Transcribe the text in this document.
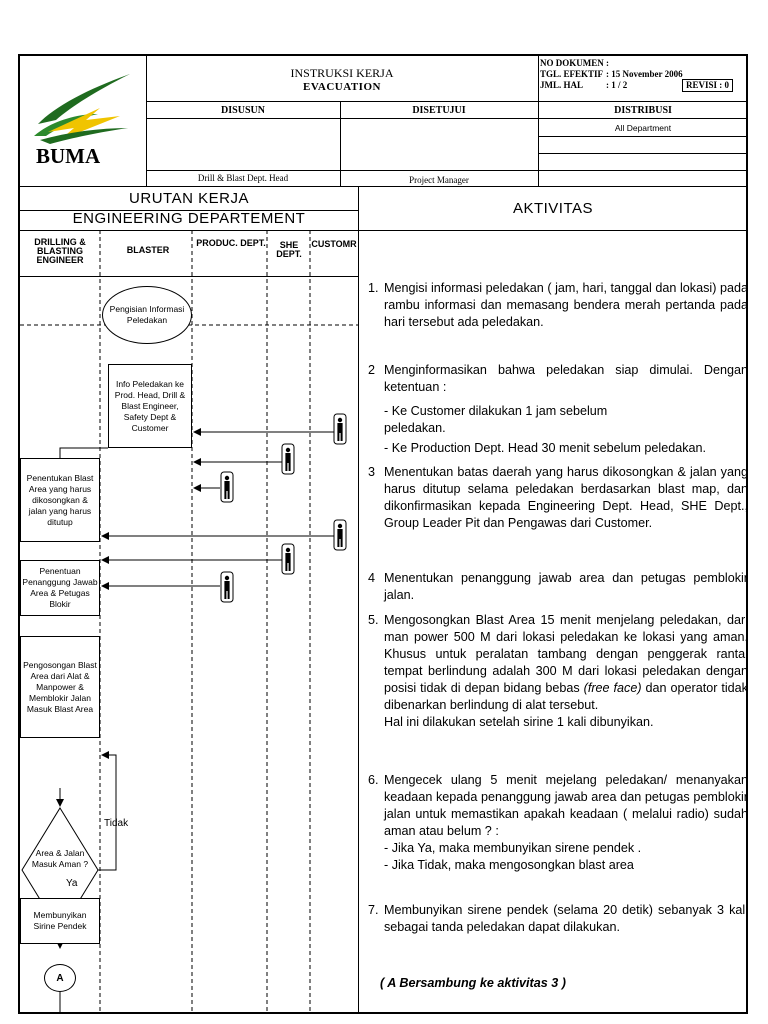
BUMA
INSTRUKSI KERJA
EVACUATION
NO DOKUMEN :
TGL. EFEKTIF : 15 November 2006
JML. HAL	: 1 / 2	REVISI : 0
DISUSUN	DISETUJUI	DISTRIBUSI
All Department
Drill & Blast Dept. Head	Project Manager
URUTAN KERJA
ENGINEERING DEPARTEMENT
AKTIVITAS
DRILLING & BLASTING ENGINEER
BLASTER
PRODUC. DEPT.	SHE DEPT.
CUSTOMR
Pengisian Informasi Peledakan
Info Peledakan ke Prod. Head, Drill & Blast Engineer, Safety Dept & Customer
Penentukan Blast Area yang harus dikosongkan & jalan yang harus ditutup
Penentuan Penanggung Jawab Area & Petugas Blokir
Pengosongan Blast Area dari Alat & Manpower & Memblokir Jalan Masuk Blast Area
Area & Jalan Masuk Aman ?
Tidak
Ya
Membunyikan Sirine Pendek
A
1. Mengisi informasi peledakan ( jam, hari, tanggal dan lokasi) pada rambu informasi dan memasang bendera merah pertanda pada hari tersebut ada peledakan.
2 Menginformasikan bahwa peledakan siap dimulai. Dengan ketentuan :
- Ke Customer dilakukan 1 jam sebelum peledakan.
- Ke Production Dept. Head 30 menit sebelum peledakan.
3 Menentukan batas daerah yang harus dikosongkan & jalan yang harus ditutup selama peledakan berdasarkan blast map, dan dikonfirmasikan kepada Engineering Dept. Head, SHE Dept., Group Leader Pit dan Pengawas dari Customer.
4 Menentukan penanggung jawab area dan petugas pemblokir jalan.
5. Mengosongkan Blast Area 15 menit menjelang peledakan, dari man power 500 M dari lokasi peledakan ke lokasi yang aman. Khusus untuk peralatan tambang dengan penggerak rantai tempat berlindung adalah 300 M dari lokasi peledakan dengan posisi tidak di depan bidang bebas (free face) dan operator tidak dibenarkan berlindung di alat tersebut.
Hal ini dilakukan setelah sirine 1 kali dibunyikan.
6. Mengecek ulang 5 menit mejelang peledakan/ menanyakan keadaan kepada penanggung jawab area dan petugas pemblokir jalan untuk memastikan apakah keadaan ( melalui radio) sudah aman atau belum ? :
- Jika Ya, maka membunyikan sirene pendek .
- Jika Tidak, maka mengosongkan blast area
7. Membunyikan sirene pendek (selama 20 detik) sebanyak 3 kali sebagai tanda peledakan dapat dilakukan.
( A Bersambung ke aktivitas 3 )
